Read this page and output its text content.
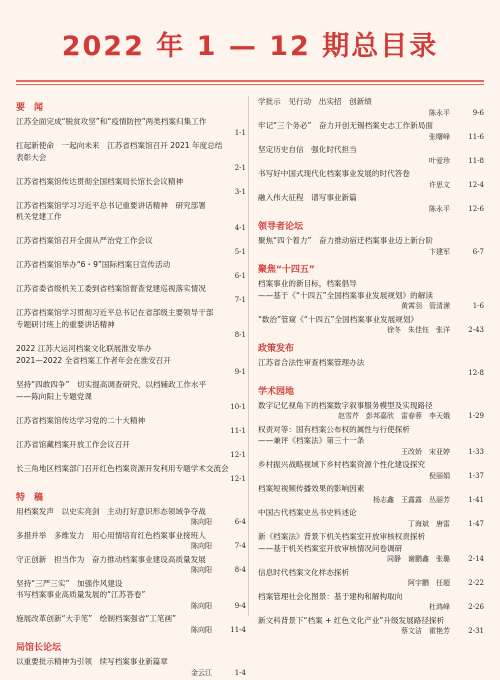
2022 年 1 — 12 期总目录
要　闻
江苏全面完成“脱贫攻坚”和“疫情防控”两类档案归集工作
1-1
扛起新使命　一起向未来　江苏省档案馆召开 2021 年度总结
表彰大会
2-1
江苏省档案馆传达贯彻全国档案局长馆长会议精神
3-1
江苏省档案馆学习习近平总书记重要讲话精神　研究部署
机关党建工作
4-1
江苏省档案馆召开全面从严治党工作会议
5-1
江苏省档案馆举办“6・9”国际档案日宣传活动
6-1
江苏省委省级机关工委到省档案馆督查党建巡视落实情况
7-1
江苏省档案馆学习贯彻习近平总书记在省部级主要领导干部
专题研讨班上的重要讲话精神
8-1
2022 江苏大运河档案文化联展淮安举办
2021—2022 全省档案工作者年会在淮安召开
9-1
坚持“四敢四争”　切实提高调查研究、以档辅政工作水平
——陈向阳上专题党课
10-1
江苏省档案馆传达学习党的二十大精神
11-1
江苏省馆藏档案开放工作会议召开
12-1
长三角地区档案部门召开红色档案资源开发利用专题学术交流会
12-1
特　稿
用档案发声　以史实亮剑　主动打好意识形态领域争夺战
陈向阳	6-4
多措并举　多维发力　用心用情培育红色档案事业接班人
陈向阳	7-4
守正创新　担当作为　奋力推动档案事业建设高质量发展
陈向阳	8-4
坚持“三严三实”　加强作风建设
书写档案事业高质量发展的“江苏答卷”
陈向阳	9-4
施展改革创新“大手笔”　绘制档案强省“工笔画”
陈向阳	11-4
局馆长论坛
以重要批示精神为引领　续写档案事业新篇章
金云江	1-4
学批示　见行动　出实招　创新绩
陈永平	9-6
牢记“三个务必”　奋力开创无锡档案史志工作新局面
张曙峰	11-6
坚定历史自信　强化时代担当
叶爱珍	11-8
书写好中国式现代化档案事业发展的时代答卷
许思文	12-4
融入伟大征程　谱写事业新篇
陈永平	12-6
领导者论坛
聚焦“四个着力”　奋力推动宿迁档案事业迈上新台阶
卞建军	6-7
聚焦“十四五”
档案事业的新目标，档案倡导
——基于《“十四五”全国档案事业发展规划》的解读
黄霄羽　管清潆	1-6
“数治”管窥《“十四五”全国档案事业发展规划》
徐冬　朱佳钰　张洋	2-43
政策发布
江苏省合法性审查档案管理办法
12-8
学术园地
数字记忆视角下的档案数字叙事服务模型及实现路径
赵雪芹　彭邦嘉欣　雷春蓉　李天娥	1-29
权责对等：国有档案公布权的属性与行使探析
——兼评《档案法》第三十一条
王改娇　宋亚婷	1-33
乡村振兴战略视域下乡村档案资源个性化建设探究
倪丽娟	1-37
档案短视频传播效果的影响因素
杨志鑫　王露露　丛丽芳	1-41
中国古代档案史丛书史料述论
丁海斌　唐雷	1-47
新《档案法》背景下机关档案室开放审核权责探析
——基于机关档案室开放审核情况问卷调研
同静　谢鹏鑫　张璐	2-14
信息时代档案文化样态探析
阿宇鹏　任超	2-22
档案管理社会化图景：基于建构和解构取向
杜鸿峰	2-26
新文科背景下“档案 + 红色文化产业”升级发展路径探析
蔡文洁　霍艳芳	2-31
